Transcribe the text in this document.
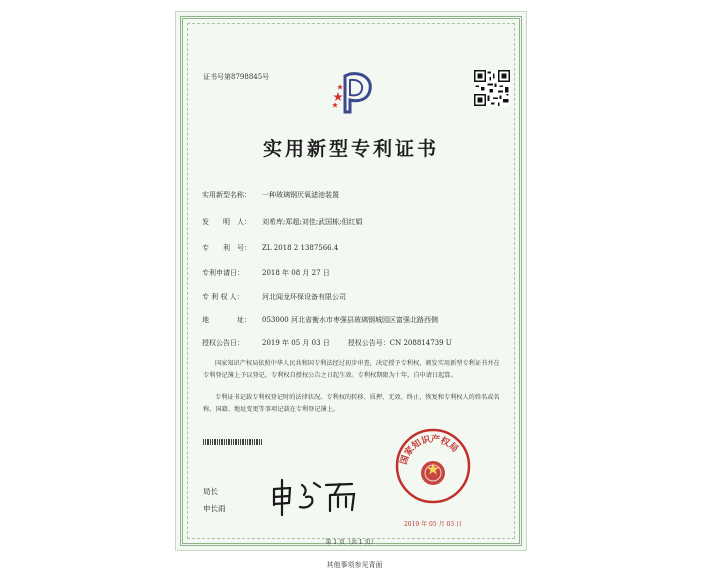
证书号第8798845号
实用新型专利证书
实用新型名称： 一种玻璃钢厌氧滤池装置
发　　明　人： 刘希库;郑超;刘佳;武国栋;佀红娟
专　　利　号： ZL 2018 2 1387566.4
专利申请日：	2018 年 08 月 27 日
专 利 权 人：	河北闻龙环保设备有限公司
地　　　　址： 053000 河北省衡水市枣强县玻璃钢城园区富强北路西侧
授权公告日：	2019 年 05 月 03 日	授权公告号：CN 208814739 U
国家知识产权局依照中华人民共和国专利法经过初步审查，决定授予专利权，颁发实用新型专利证书并在专利登记簿上予以登记。专利权自授权公告之日起生效。专利权期限为十年，自申请日起算。
专利证书记载专利权登记时的法律状况。专利权的转移、质押、无效、终止、恢复和专利权人的姓名或名称、国籍、地址变更等事项记载在专利登记簿上。
局长
申长雨
国家知识产权局
2019 年 05 月 03 日
第 1 页（共 1 页）
其他事项参见背面
